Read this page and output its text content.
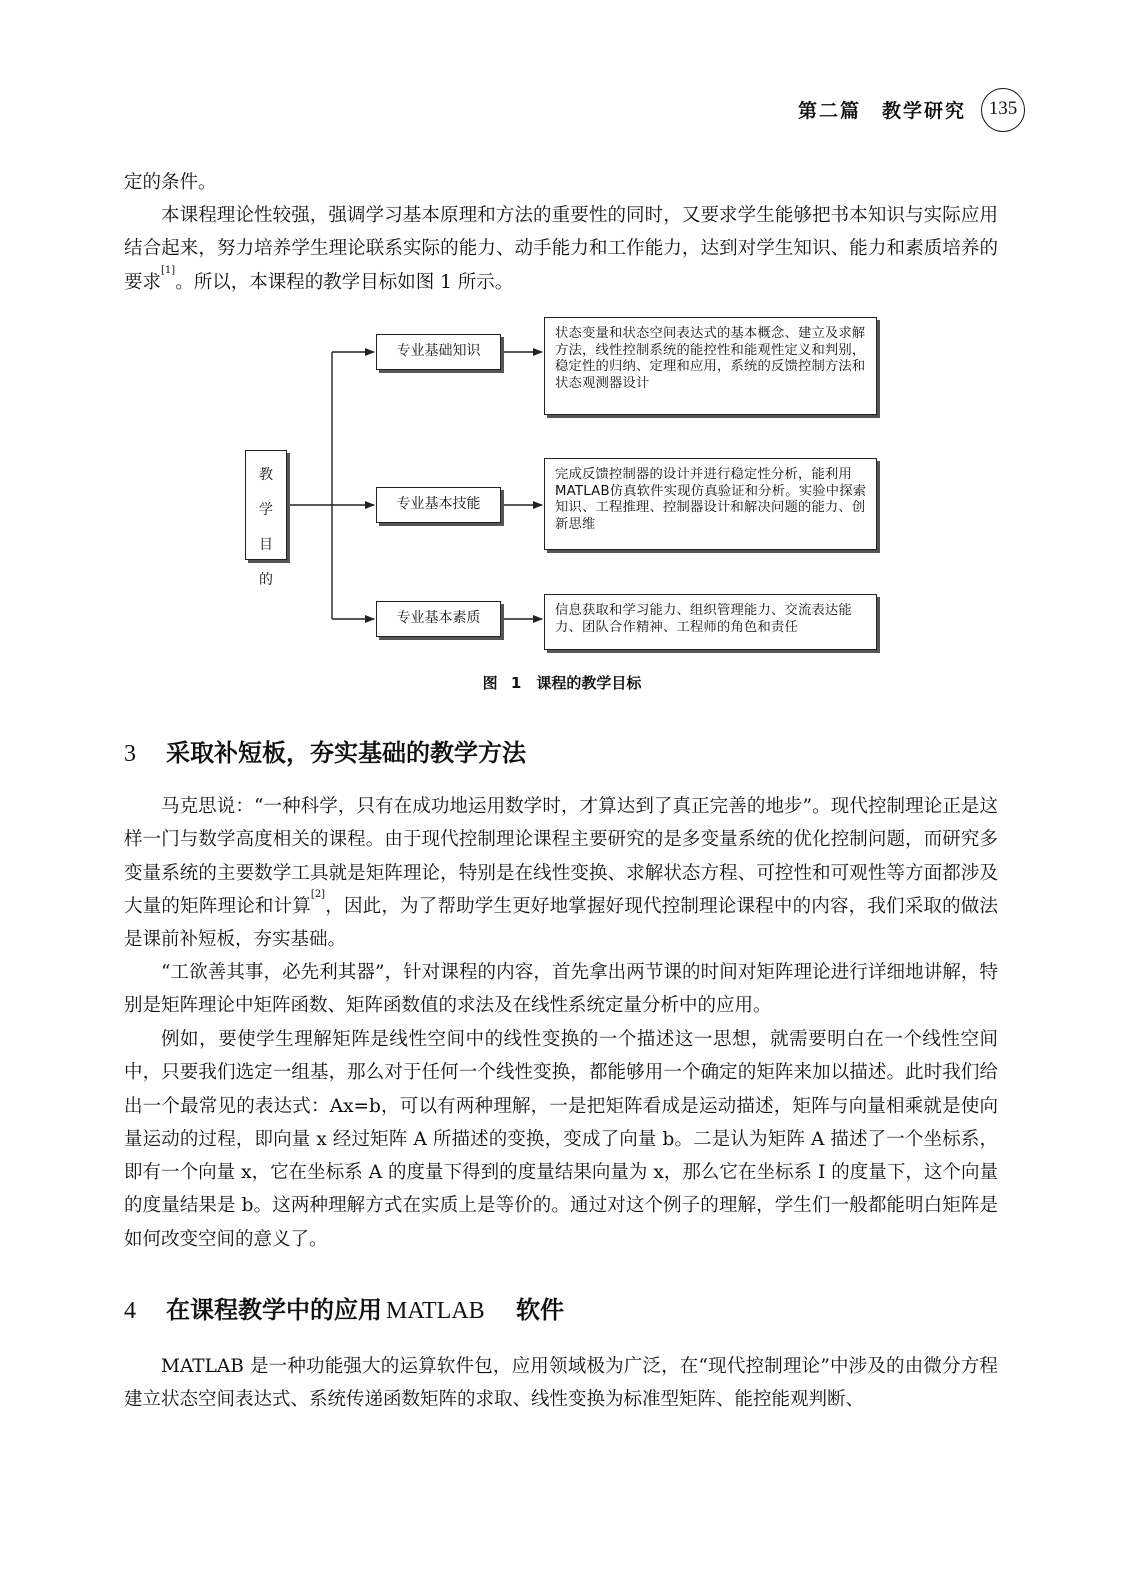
第二篇　教学研究	135

定的条件。

本课程理论性较强，强调学习基本原理和方法的重要性的同时，又要求学生能够把书本知识与实际应用结合起来，努力培养学生理论联系实际的能力、动手能力和工作能力，达到对学生知识、能力和素质培养的要求[1]。所以，本课程的教学目标如图 1 所示。

教
学
目
的
专业基础知识
专业基本技能
专业基本素质
状态变量和状态空间表达式的基本概念、建立及求解方法，线性控制系统的能控性和能观性定义和判别，稳定性的归纳、定理和应用，系统的反馈控制方法和状态观测器设计
完成反馈控制器的设计并进行稳定性分析，能利用MATLAB仿真软件实现仿真验证和分析。实验中探索知识、工程推理、控制器设计和解决问题的能力、创新思维
信息获取和学习能力、组织管理能力、交流表达能力、团队合作精神、工程师的角色和责任
图 1　课程的教学目标
3 采取补短板，夯实基础的教学方法

马克思说：“一种科学，只有在成功地运用数学时，才算达到了真正完善的地步”。现代控制理论正是这样一门与数学高度相关的课程。由于现代控制理论课程主要研究的是多变量系统的优化控制问题，而研究多变量系统的主要数学工具就是矩阵理论，特别是在线性变换、求解状态方程、可控性和可观性等方面都涉及大量的矩阵理论和计算[2]，因此，为了帮助学生更好地掌握好现代控制理论课程中的内容，我们采取的做法是课前补短板，夯实基础。

“工欲善其事，必先利其器”，针对课程的内容，首先拿出两节课的时间对矩阵理论进行详细地讲解，特别是矩阵理论中矩阵函数、矩阵函数值的求法及在线性系统定量分析中的应用。

例如，要使学生理解矩阵是线性空间中的线性变换的一个描述这一思想，就需要明白在一个线性空间中，只要我们选定一组基，那么对于任何一个线性变换，都能够用一个确定的矩阵来加以描述。此时我们给出一个最常见的表达式：Ax=b，可以有两种理解，一是把矩阵看成是运动描述，矩阵与向量相乘就是使向量运动的过程，即向量 x 经过矩阵 A 所描述的变换，变成了向量 b。二是认为矩阵 A 描述了一个坐标系，即有一个向量 x，它在坐标系 A 的度量下得到的度量结果向量为 x，那么它在坐标系 I 的度量下，这个向量的度量结果是 b。这两种理解方式在实质上是等价的。通过对这个例子的理解，学生们一般都能明白矩阵是如何改变空间的意义了。

4 在课程教学中的应用 MATLAB 软件

MATLAB 是一种功能强大的运算软件包，应用领域极为广泛，在“现代控制理论”中涉及的由微分方程建立状态空间表达式、系统传递函数矩阵的求取、线性变换为标准型矩阵、能控能观判断、
